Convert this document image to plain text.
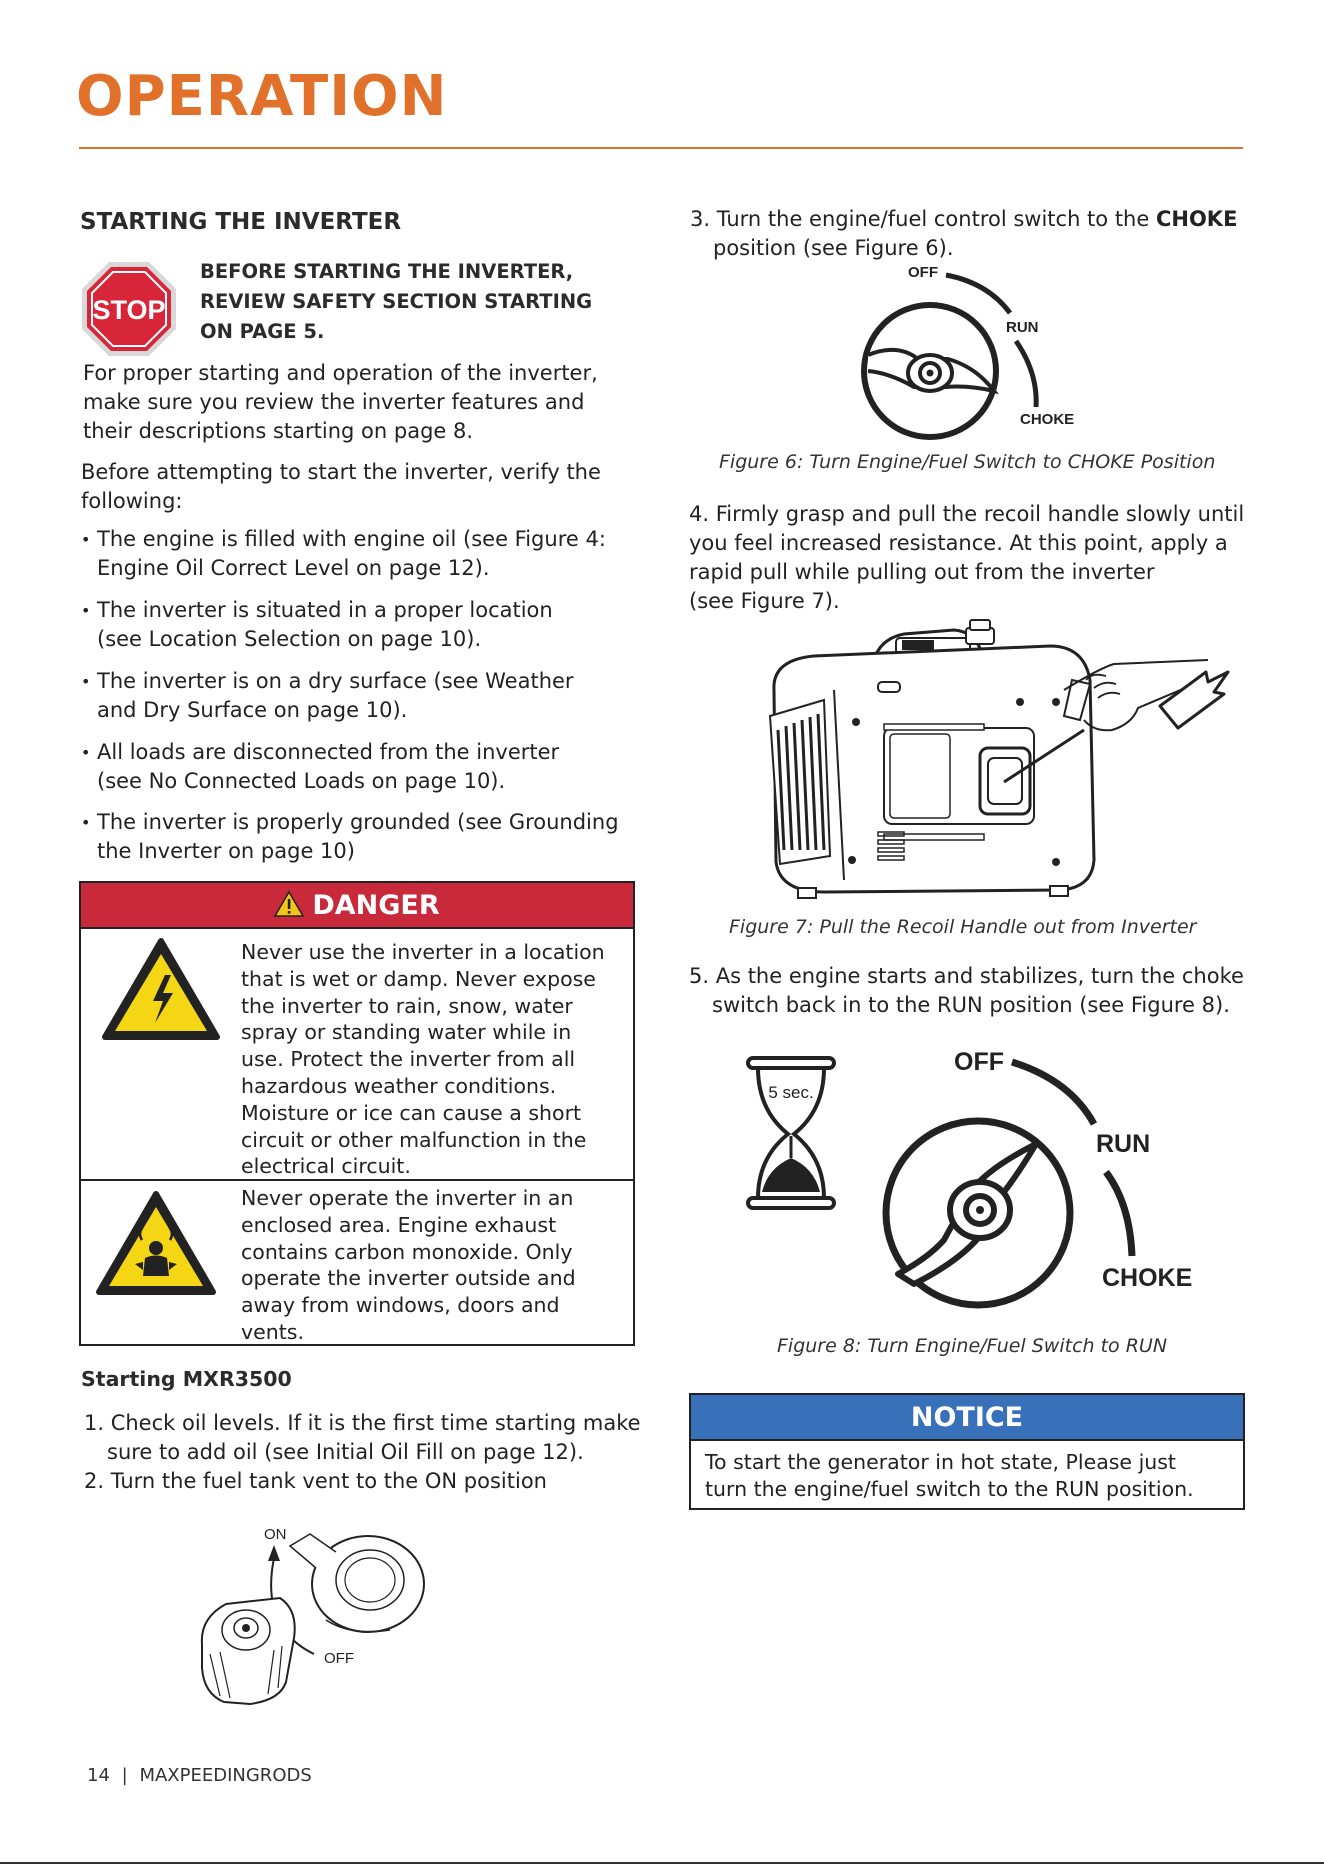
OPERATION
STARTING THE INVERTER
STOP
BEFORE STARTING THE INVERTER,
REVIEW SAFETY SECTION STARTING
ON PAGE 5.
For proper starting and operation of the inverter,
make sure you review the inverter features and
their descriptions starting on page 8.
Before attempting to start the inverter, verify the
following:
• The engine is filled with engine oil (see Figure 4:
Engine Oil Correct Level on page 12).
• The inverter is situated in a proper location
(see Location Selection on page 10).
• The inverter is on a dry surface (see Weather
and Dry Surface on page 10).
• All loads are disconnected from the inverter
(see No Connected Loads on page 10).
• The inverter is properly grounded (see Grounding
the Inverter on page 10)
DANGER
Never use the inverter in a location
that is wet or damp. Never expose
the inverter to rain, snow, water
spray or standing water while in
use. Protect the inverter from all
hazardous weather conditions.
Moisture or ice can cause a short
circuit or other malfunction in the
electrical circuit.
Never operate the inverter in an
enclosed area. Engine exhaust
contains carbon monoxide. Only
operate the inverter outside and
away from windows, doors and
vents.
Starting MXR3500
1. Check oil levels. If it is the first time starting make
sure to add oil (see Initial Oil Fill on page 12).
2. Turn the fuel tank vent to the ON position
ON
OFF
3. Turn the engine/fuel control switch to the CHOKE
position (see Figure 6).
OFF
RUN
CHOKE
Figure 6: Turn Engine/Fuel Switch to CHOKE Position
4. Firmly grasp and pull the recoil handle slowly until
you feel increased resistance. At this point, apply a
rapid pull while pulling out from the inverter
(see Figure 7).
Figure 7: Pull the Recoil Handle out from Inverter
5. As the engine starts and stabilizes, turn the choke
switch back in to the RUN position (see Figure 8).
5 sec.
OFF
RUN
CHOKE
Figure 8: Turn Engine/Fuel Switch to RUN
NOTICE
To start the generator in hot state, Please just
turn the engine/fuel switch to the RUN position.
14 | MAXPEEDINGRODS
